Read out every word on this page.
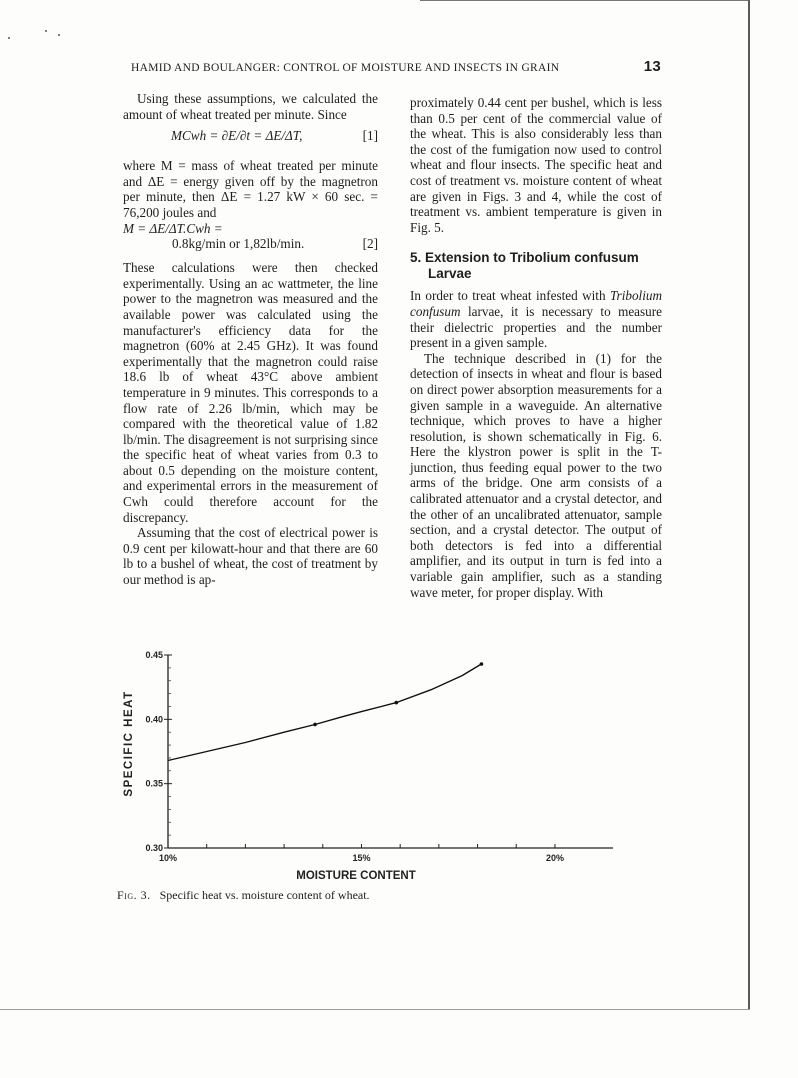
HAMID AND BOULANGER: CONTROL OF MOISTURE AND INSECTS IN GRAIN	13

Using these assumptions, we calculated the amount of wheat treated per minute. Since

MCwh = ∂E/∂t = ΔE/ΔT,	[1]

where M = mass of wheat treated per minute and ΔE = energy given off by the magnetron per minute, then ΔE = 1.27 kW × 60 sec. = 76,200 joules and

M = ΔE/ΔT.Cwh =

0.8kg/min or 1,82lb/min.	[2]

These calculations were then checked experimentally. Using an ac wattmeter, the line power to the magnetron was measured and the available power was calculated using the manufacturer's efficiency data for the magnetron (60% at 2.45 GHz). It was found experimentally that the magnetron could raise 18.6 lb of wheat 43°C above ambient temperature in 9 minutes. This corresponds to a flow rate of 2.26 lb/min, which may be compared with the theoretical value of 1.82 lb/min. The disagreement is not surprising since the specific heat of wheat varies from 0.3 to about 0.5 depending on the moisture content, and experimental errors in the measurement of Cwh could therefore account for the discrepancy.

Assuming that the cost of electrical power is 0.9 cent per kilowatt-hour and that there are 60 lb to a bushel of wheat, the cost of treatment by our method is ap-

proximately 0.44 cent per bushel, which is less than 0.5 per cent of the commercial value of the wheat. This is also considerably less than the cost of the fumigation now used to control wheat and flour insects. The specific heat and cost of treatment vs. moisture content of wheat are given in Figs. 3 and 4, while the cost of treatment vs. ambient temperature is given in Fig. 5.

5. Extension to Tribolium confusum
Larvae

In order to treat wheat infested with Tribolium confusum larvae, it is necessary to measure their dielectric properties and the number present in a given sample.

The technique described in (1) for the detection of insects in wheat and flour is based on direct power absorption measurements for a given sample in a waveguide. An alternative technique, which proves to have a higher resolution, is shown schematically in Fig. 6. Here the klystron power is split in the T-junction, thus feeding equal power to the two arms of the bridge. One arm consists of a calibrated attenuator and a crystal detector, and the other of an uncalibrated attenuator, sample section, and a crystal detector. The output of both detectors is fed into a differential amplifier, and its output in turn is fed into a variable gain amplifier, such as a standing wave meter, for proper display. With

0.30
0.35
0.40
0.45
10%	15%	20%
MOISTURE CONTENT
SPECIFIC HEAT
Fig. 3. Specific heat vs. moisture content of wheat.
